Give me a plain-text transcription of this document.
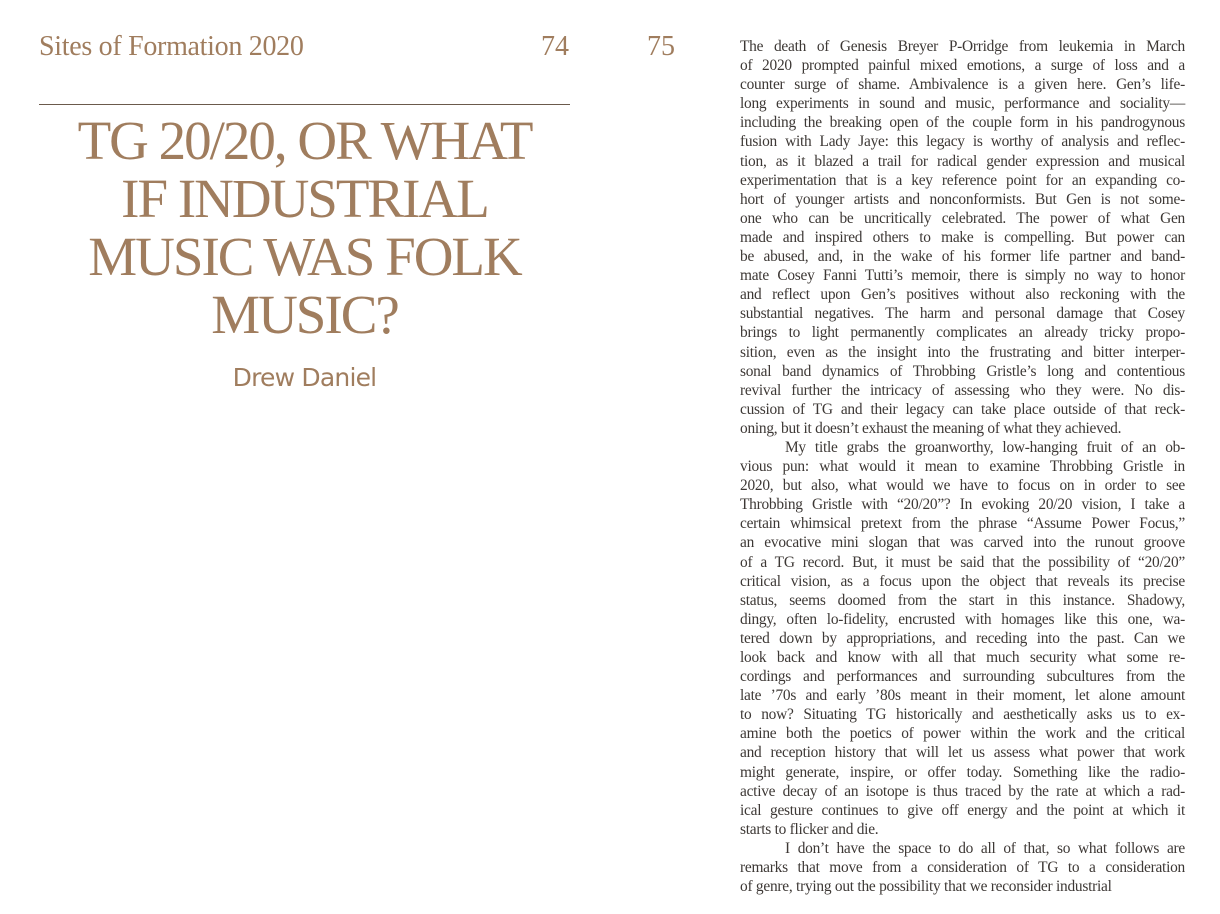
Sites of Formation 2020	74	75
TG 20/20, OR WHAT
IF INDUSTRIAL
MUSIC WAS FOLK
MUSIC?
Drew Daniel
The death of Genesis Breyer P-Orridge from leukemia in March
of 2020 prompted painful mixed emotions, a surge of loss and a
counter surge of shame. Ambivalence is a given here. Gen’s life-
long experiments in sound and music, performance and sociality—
including the breaking open of the couple form in his pandrogynous
fusion with Lady Jaye: this legacy is worthy of analysis and reflec-
tion, as it blazed a trail for radical gender expression and musical
experimentation that is a key reference point for an expanding co-
hort of younger artists and nonconformists. But Gen is not some-
one who can be uncritically celebrated. The power of what Gen
made and inspired others to make is compelling. But power can
be abused, and, in the wake of his former life partner and band-
mate Cosey Fanni Tutti’s memoir, there is simply no way to honor
and reflect upon Gen’s positives without also reckoning with the
substantial negatives. The harm and personal damage that Cosey
brings to light permanently complicates an already tricky propo-
sition, even as the insight into the frustrating and bitter interper-
sonal band dynamics of Throbbing Gristle’s long and contentious
revival further the intricacy of assessing who they were. No dis-
cussion of TG and their legacy can take place outside of that reck-
oning, but it doesn’t exhaust the meaning of what they achieved.
My title grabs the groanworthy, low-hanging fruit of an ob-
vious pun: what would it mean to examine Throbbing Gristle in
2020, but also, what would we have to focus on in order to see
Throbbing Gristle with “20/20”? In evoking 20/20 vision, I take a
certain whimsical pretext from the phrase “Assume Power Focus,”
an evocative mini slogan that was carved into the runout groove
of a TG record. But, it must be said that the possibility of “20/20”
critical vision, as a focus upon the object that reveals its precise
status, seems doomed from the start in this instance. Shadowy,
dingy, often lo-fidelity, encrusted with homages like this one, wa-
tered down by appropriations, and receding into the past. Can we
look back and know with all that much security what some re-
cordings and performances and surrounding subcultures from the
late ’70s and early ’80s meant in their moment, let alone amount
to now? Situating TG historically and aesthetically asks us to ex-
amine both the poetics of power within the work and the critical
and reception history that will let us assess what power that work
might generate, inspire, or offer today. Something like the radio-
active decay of an isotope is thus traced by the rate at which a rad-
ical gesture continues to give off energy and the point at which it
starts to flicker and die.
I don’t have the space to do all of that, so what follows are
remarks that move from a consideration of TG to a consideration
of genre, trying out the possibility that we reconsider industrial
